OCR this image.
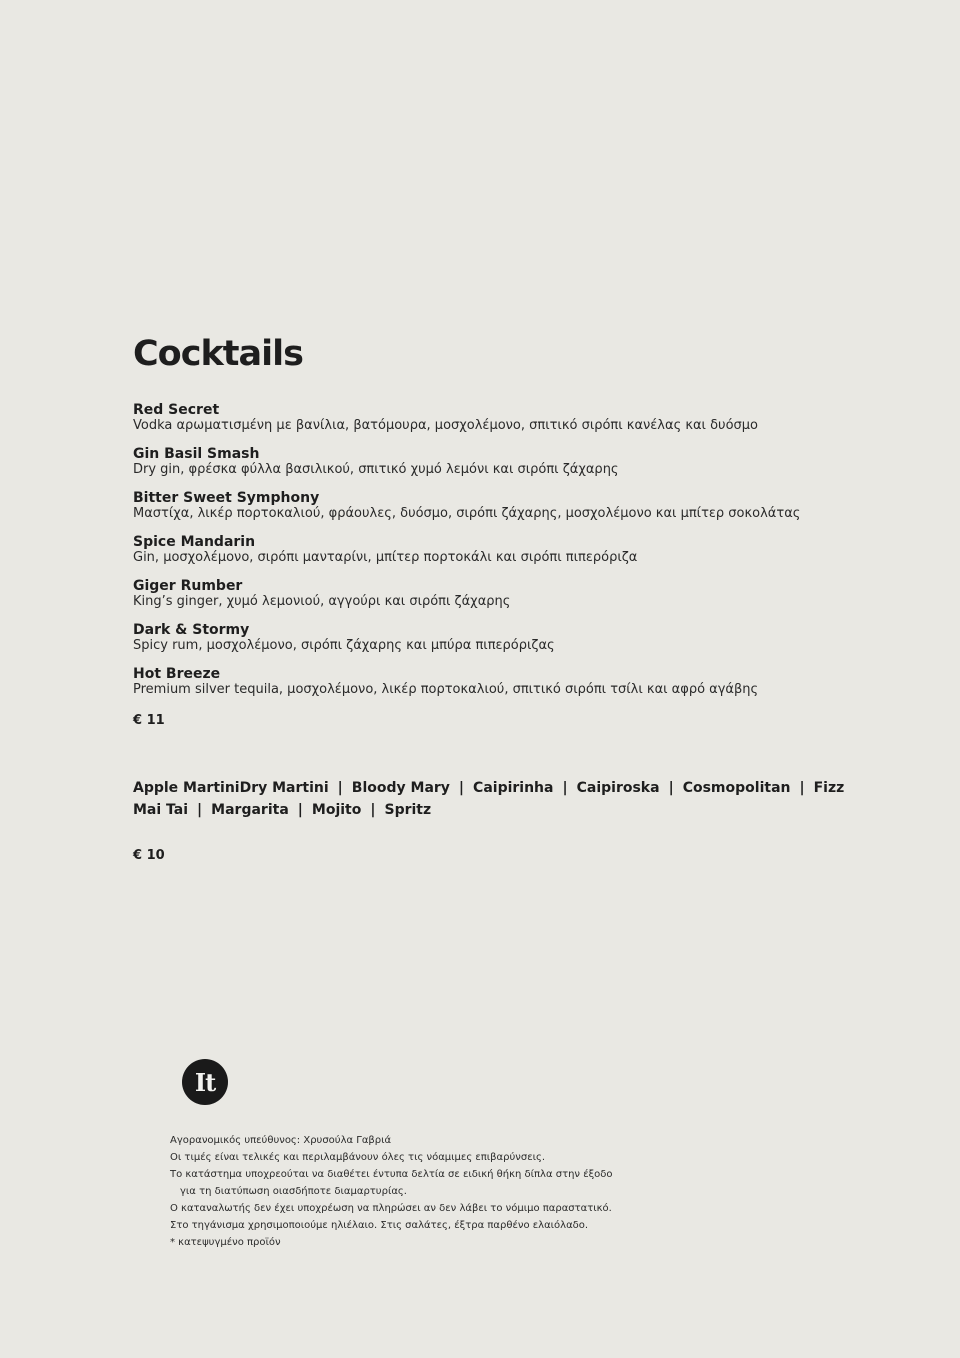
Cocktails
Red Secret
Vodka αρωματισμένη με βανίλια, βατόμουρα, μοσχολέμονο, σπιτικό σιρόπι κανέλας και δυόσμο
Gin Basil Smash
Dry gin, φρέσκα φύλλα βασιλικού, σπιτικό χυμό λεμόνι και σιρόπι ζάχαρης
Bitter Sweet Symphony
Μαστίχα, λικέρ πορτοκαλιού, φράουλες, δυόσμο, σιρόπι ζάχαρης, μοσχολέμονο και μπίτερ σοκολάτας
Spice Mandarin
Gin, μοσχολέμονο, σιρόπι μανταρίνι, μπίτερ πορτοκάλι και σιρόπι πιπερόριζα
Giger Rumber
King’s ginger, χυμό λεμονιού, αγγούρι και σιρόπι ζάχαρης
Dark & Stormy
Spicy rum, μοσχολέμονο, σιρόπι ζάχαρης και μπύρα πιπερόριζας
Hot Breeze
Premium silver tequila, μοσχολέμονο, λικέρ πορτοκαλιού, σπιτικό σιρόπι τσίλι και αφρό αγάβης
€ 11
Apple MartiniDry Martini | Bloody Mary | Caipirinha | Caipiroska | Cosmopolitan | Fizz
Mai Tai | Margarita | Mojito | Spritz
€ 10
It
Αγορανομικός υπεύθυνος: Χρυσούλα Γαβριά
Οι τιμές είναι τελικές και περιλαμβάνουν όλες τις νόαμιμες επιβαρύνσεις.
Το κατάστημα υποχρεούται να διαθέτει έντυπα δελτία σε ειδική θήκη δίπλα στην έξοδο
για τη διατύπωση οιασδήποτε διαμαρτυρίας.
Ο καταναλωτής δεν έχει υποχρέωση να πληρώσει αν δεν λάβει το νόμιμο παραστατικό.
Στο τηγάνισμα χρησιμοποιούμε ηλιέλαιο. Στις σαλάτες, έξτρα παρθένο ελαιόλαδο.
* κατεψυγμένο προϊόν
